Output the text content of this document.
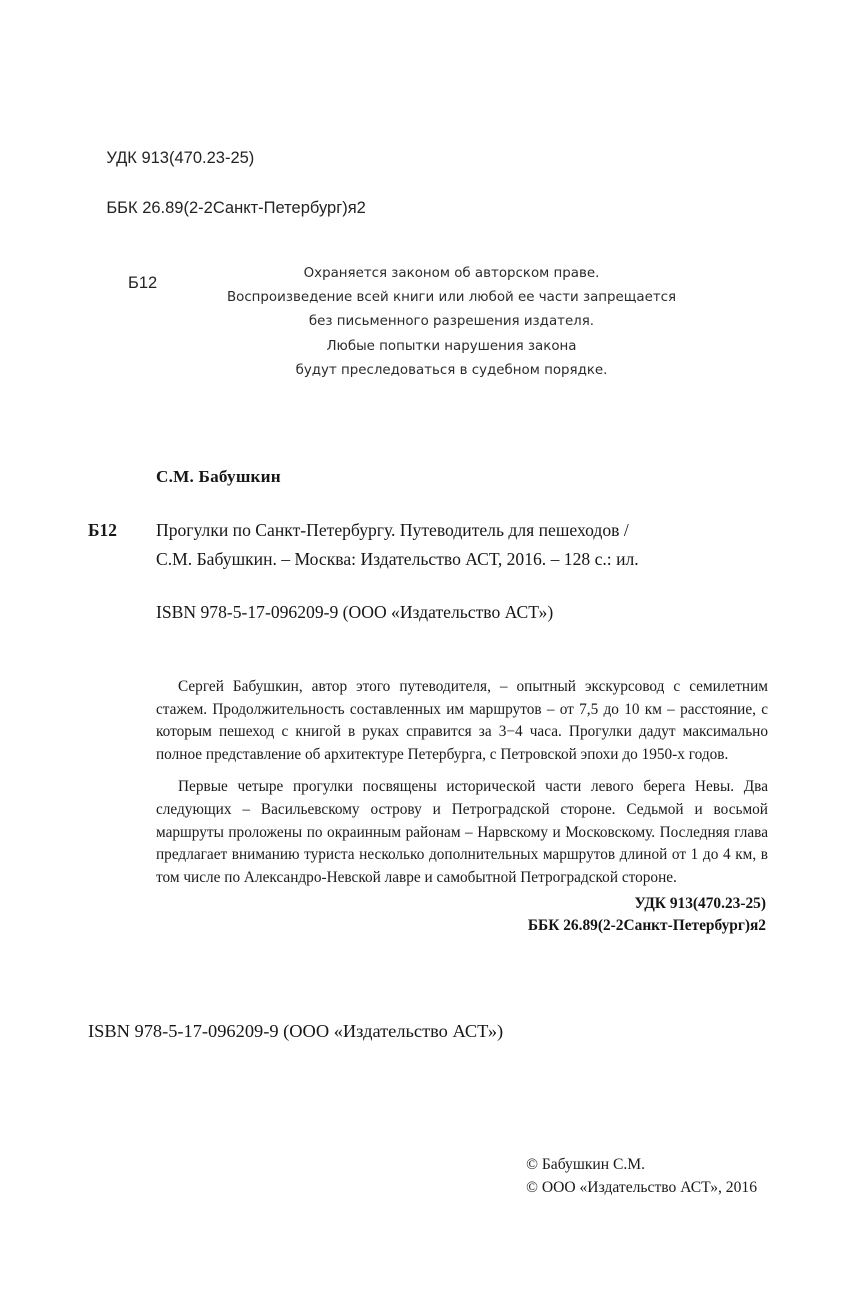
УДК 913(470.23-25)

ББК 26.89(2-2Санкт-Петербург)я2

Б12

Охраняется законом об авторском праве.
Воспроизведение всей книги или любой ее части запрещается
без письменного разрешения издателя.
Любые попытки нарушения закона
будут преследоваться в судебном порядке.
С.М. Бабушкин
Б12	Прогулки по Санкт-Петербургу. Путеводитель для пешеходов /
С.М. Бабушкин. – Москва: Издательство АСТ, 2016. – 128 с.: ил.
ISBN 978-5-17-096209-9 (ООО «Издательство АСТ»)

Сергей Бабушкин, автор этого путеводителя, – опытный экскурсовод с семилетним стажем. Продолжительность составленных им маршрутов – от 7,5 до 10 км – расстояние, с которым пешеход с книгой в руках справится за 3−4 часа. Прогулки дадут максимально полное представление об архитектуре Петербурга, с Петровской эпохи до 1950-х годов.

Первые четыре прогулки посвящены исторической части левого берега Невы. Два следующих – Васильевскому острову и Петроградской стороне. Седьмой и восьмой маршруты проложены по окраинным районам – Нарвскому и Московскому. Последняя глава предлагает вниманию туриста несколько дополнительных маршрутов длиной от 1 до 4 км, в том числе по Александро-Невской лавре и самобытной Петроградской стороне.

УДК 913(470.23-25)
ББК 26.89(2-2Санкт-Петербург)я2
ISBN 978-5-17-096209-9 (ООО «Издательство АСТ»)
© Бабушкин С.М.
© ООО «Издательство АСТ», 2016
